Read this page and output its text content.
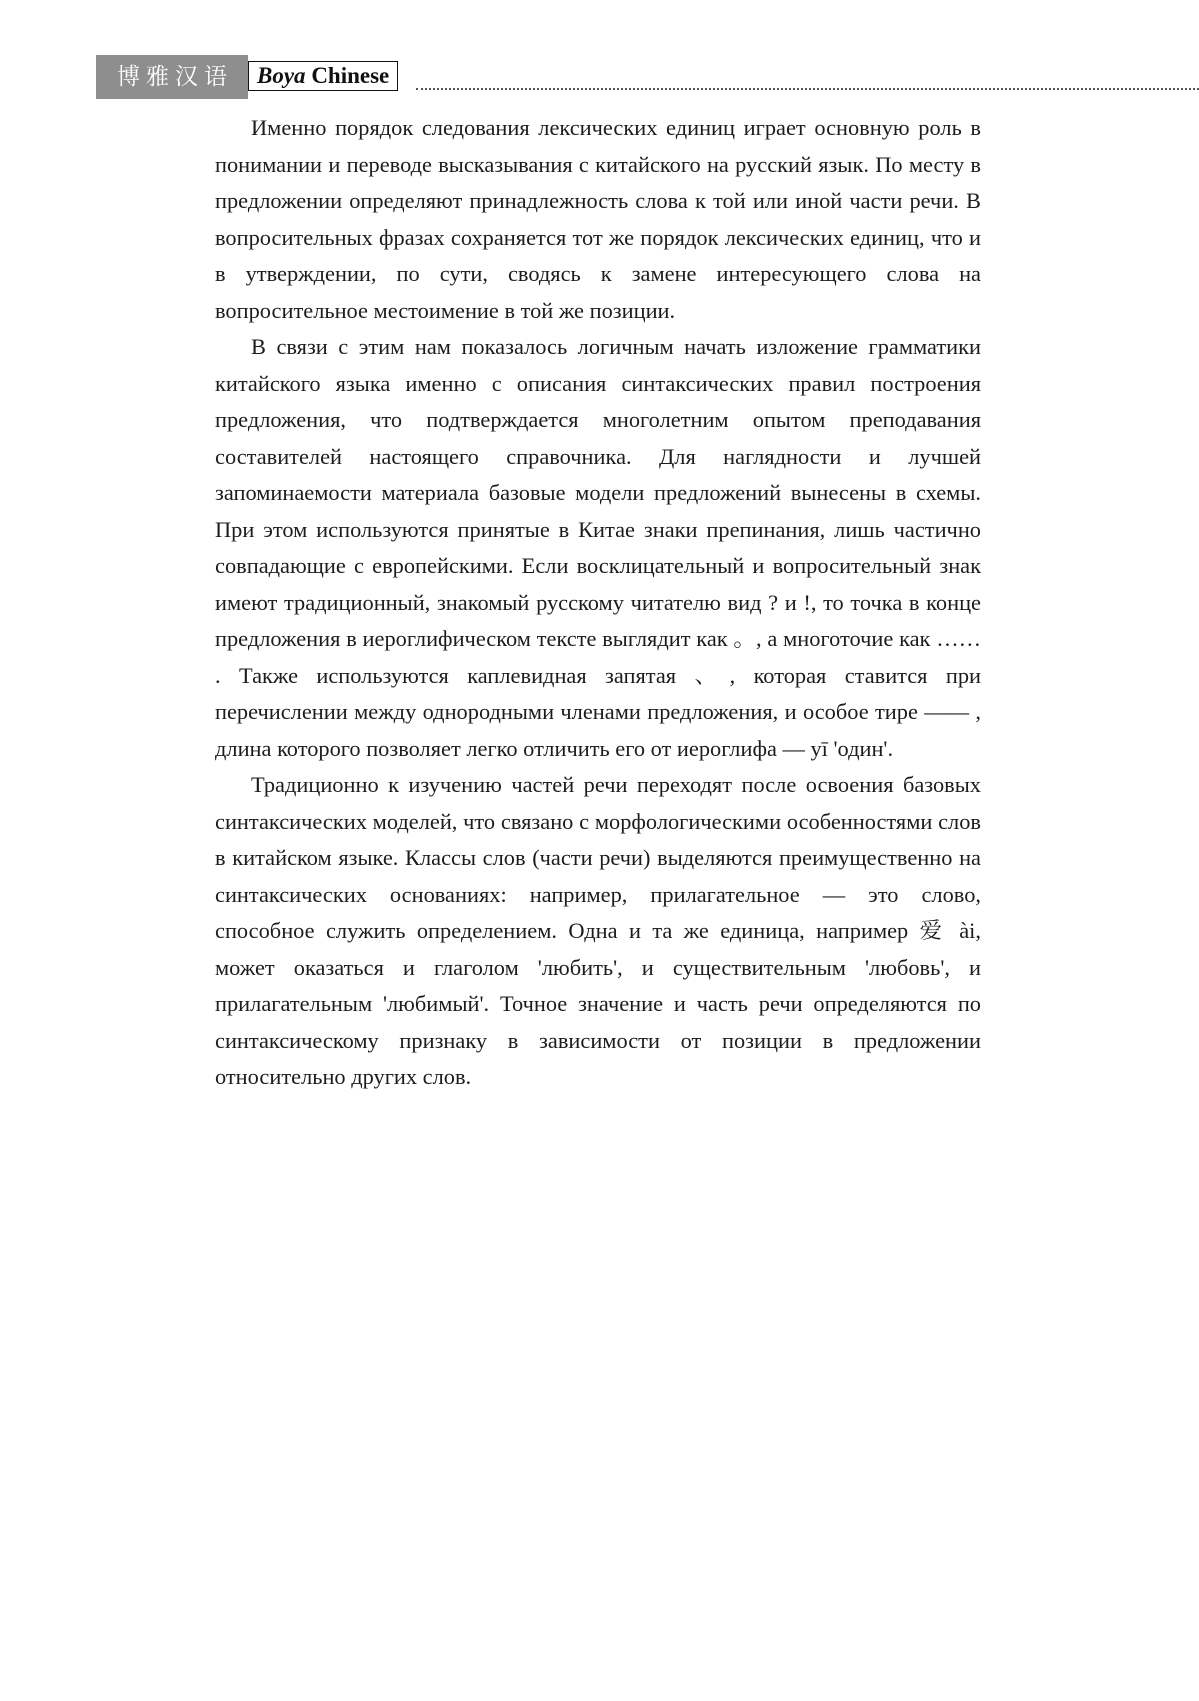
博雅汉语	Boya Chinese

Именно порядок следования лексических единиц играет основную роль в понимании и переводе высказывания с китайского на русский язык. По месту в предложении определяют принадлежность слова к той или иной части речи. В вопросительных фразах сохраняется тот же порядок лексических единиц, что и в утверждении, по сути, сводясь к замене интересующего слова на вопросительное местоимение в той же позиции.

В связи с этим нам показалось логичным начать изложение грамматики китайского языка именно с описания синтаксических правил построения предложения, что подтверждается многолетним опытом преподавания составителей настоящего справочника. Для наглядности и лучшей запоминаемости материала базовые модели предложений вынесены в схемы. При этом используются принятые в Китае знаки препинания, лишь частично совпадающие с европейскими. Если восклицательный и вопросительный знак имеют традиционный, знакомый русскому читателю вид ? и !, то точка в конце предложения в иероглифическом тексте выглядит как 。, а многоточие как …… . Также используются каплевидная запятая 、, которая ставится при перечислении между однородными членами предложения, и особое тире —— , длина которого позволяет легко отличить его от иероглифа — yī 'один'.

Традиционно к изучению частей речи переходят после освоения базовых синтаксических моделей, что связано с морфологическими особенностями слов в китайском языке. Классы слов (части речи) выделяются преимущественно на синтаксических основаниях: например, прилагательное — это слово, способное служить определением. Одна и та же единица, например 爱 ài, может оказаться и глаголом 'любить', и существительным 'любовь', и прилагательным 'любимый'. Точное значение и часть речи определяются по синтаксическому признаку в зависимости от позиции в предложении относительно других слов.
